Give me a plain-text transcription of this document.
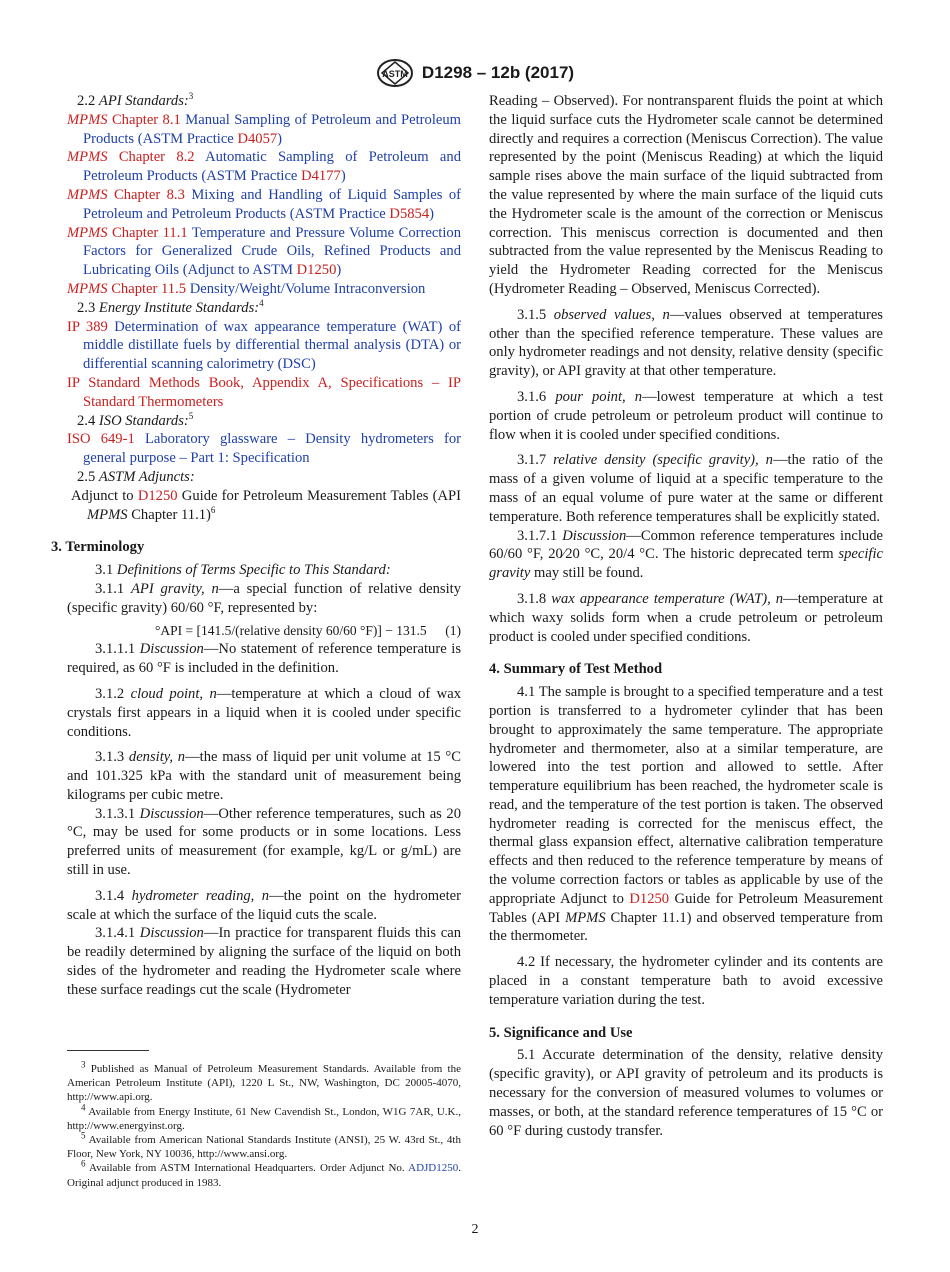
ASTM D1298 – 12b (2017)

2.2 API Standards:$^3$

MPMS Chapter 8.1 Manual Sampling of Petroleum and Petroleum Products (ASTM Practice D4057)

MPMS Chapter 8.2 Automatic Sampling of Petroleum and Petroleum Products (ASTM Practice D4177)

MPMS Chapter 8.3 Mixing and Handling of Liquid Samples of Petroleum and Petroleum Products (ASTM Practice D5854)

MPMS Chapter 11.1 Temperature and Pressure Volume Correction Factors for Generalized Crude Oils, Refined Products and Lubricating Oils (Adjunct to ASTM D1250)

MPMS Chapter 11.5 Density/Weight/Volume Intraconversion

2.3 Energy Institute Standards:$^4$

IP 389 Determination of wax appearance temperature (WAT) of middle distillate fuels by differential thermal analysis (DTA) or differential scanning calorimetry (DSC)

IP Standard Methods Book, Appendix A, Specifications – IP Standard Thermometers

2.4 ISO Standards:$^5$

ISO 649-1 Laboratory glassware – Density hydrometers for general purpose – Part 1: Specification

2.5 ASTM Adjuncts:

Adjunct to D1250 Guide for Petroleum Measurement Tables (API MPMS Chapter 11.1)$^6$

3. Terminology

3.1 Definitions of Terms Specific to This Standard:

3.1.1 API gravity, n—a special function of relative density (specific gravity) 60/60 °F, represented by:

°API = [141.5/(relative density 60/60 °F)] − 131.5 (1)

3.1.1.1 Discussion—No statement of reference temperature is required, as 60 °F is included in the definition.

3.1.2 cloud point, n—temperature at which a cloud of wax crystals first appears in a liquid when it is cooled under specific conditions.

3.1.3 density, n—the mass of liquid per unit volume at 15 °C and 101.325 kPa with the standard unit of measurement being kilograms per cubic metre.

3.1.3.1 Discussion—Other reference temperatures, such as 20 °C, may be used for some products or in some locations. Less preferred units of measurement (for example, kg/L or g/mL) are still in use.

3.1.4 hydrometer reading, n—the point on the hydrometer scale at which the surface of the liquid cuts the scale.

3.1.4.1 Discussion—In practice for transparent fluids this can be readily determined by aligning the surface of the liquid on both sides of the hydrometer and reading the Hydrometer scale where these surface readings cut the scale (Hydrometer

Reading – Observed). For nontransparent fluids the point at which the liquid surface cuts the Hydrometer scale cannot be determined directly and requires a correction (Meniscus Correction). The value represented by the point (Meniscus Reading) at which the liquid sample rises above the main surface of the liquid subtracted from the value represented by where the main surface of the liquid cuts the Hydrometer scale is the amount of the correction or Meniscus correction. This meniscus correction is documented and then subtracted from the value represented by the Meniscus Reading to yield the Hydrometer Reading corrected for the Meniscus (Hydrometer Reading – Observed, Meniscus Corrected).

3.1.5 observed values, n—values observed at temperatures other than the specified reference temperature. These values are only hydrometer readings and not density, relative density (specific gravity), or API gravity at that other temperature.

3.1.6 pour point, n—lowest temperature at which a test portion of crude petroleum or petroleum product will continue to flow when it is cooled under specified conditions.

3.1.7 relative density (specific gravity), n—the ratio of the mass of a given volume of liquid at a specific temperature to the mass of an equal volume of pure water at the same or different temperature. Both reference temperatures shall be explicitly stated.

3.1.7.1 Discussion—Common reference temperatures include 60/60 °F, 20⁄20 °C, 20/4 °C. The historic deprecated term specific gravity may still be found.

3.1.8 wax appearance temperature (WAT), n—temperature at which waxy solids form when a crude petroleum or petroleum product is cooled under specified conditions.

4. Summary of Test Method

4.1 The sample is brought to a specified temperature and a test portion is transferred to a hydrometer cylinder that has been brought to approximately the same temperature. The appropriate hydrometer and thermometer, also at a similar temperature, are lowered into the test portion and allowed to settle. After temperature equilibrium has been reached, the hydrometer scale is read, and the temperature of the test portion is taken. The observed hydrometer reading is corrected for the meniscus effect, the thermal glass expansion effect, alternative calibration temperature effects and then reduced to the reference temperature by means of the volume correction factors or tables as applicable by use of the appropriate Adjunct to D1250 Guide for Petroleum Measurement Tables (API MPMS Chapter 11.1) and observed temperature from the thermometer.

4.2 If necessary, the hydrometer cylinder and its contents are placed in a constant temperature bath to avoid excessive temperature variation during the test.

5. Significance and Use

5.1 Accurate determination of the density, relative density (specific gravity), or API gravity of petroleum and its products is necessary for the conversion of measured volumes to volumes or masses, or both, at the standard reference temperatures of 15 °C or 60 °F during custody transfer.

$^3$ Published as Manual of Petroleum Measurement Standards. Available from the American Petroleum Institute (API), 1220 L St., NW, Washington, DC 20005-4070, http://www.api.org.

$^4$ Available from Energy Institute, 61 New Cavendish St., London, W1G 7AR, U.K., http://www.energyinst.org.

$^5$ Available from American National Standards Institute (ANSI), 25 W. 43rd St., 4th Floor, New York, NY 10036, http://www.ansi.org.

$^6$ Available from ASTM International Headquarters. Order Adjunct No. ADJD1250. Original adjunct produced in 1983.

2
